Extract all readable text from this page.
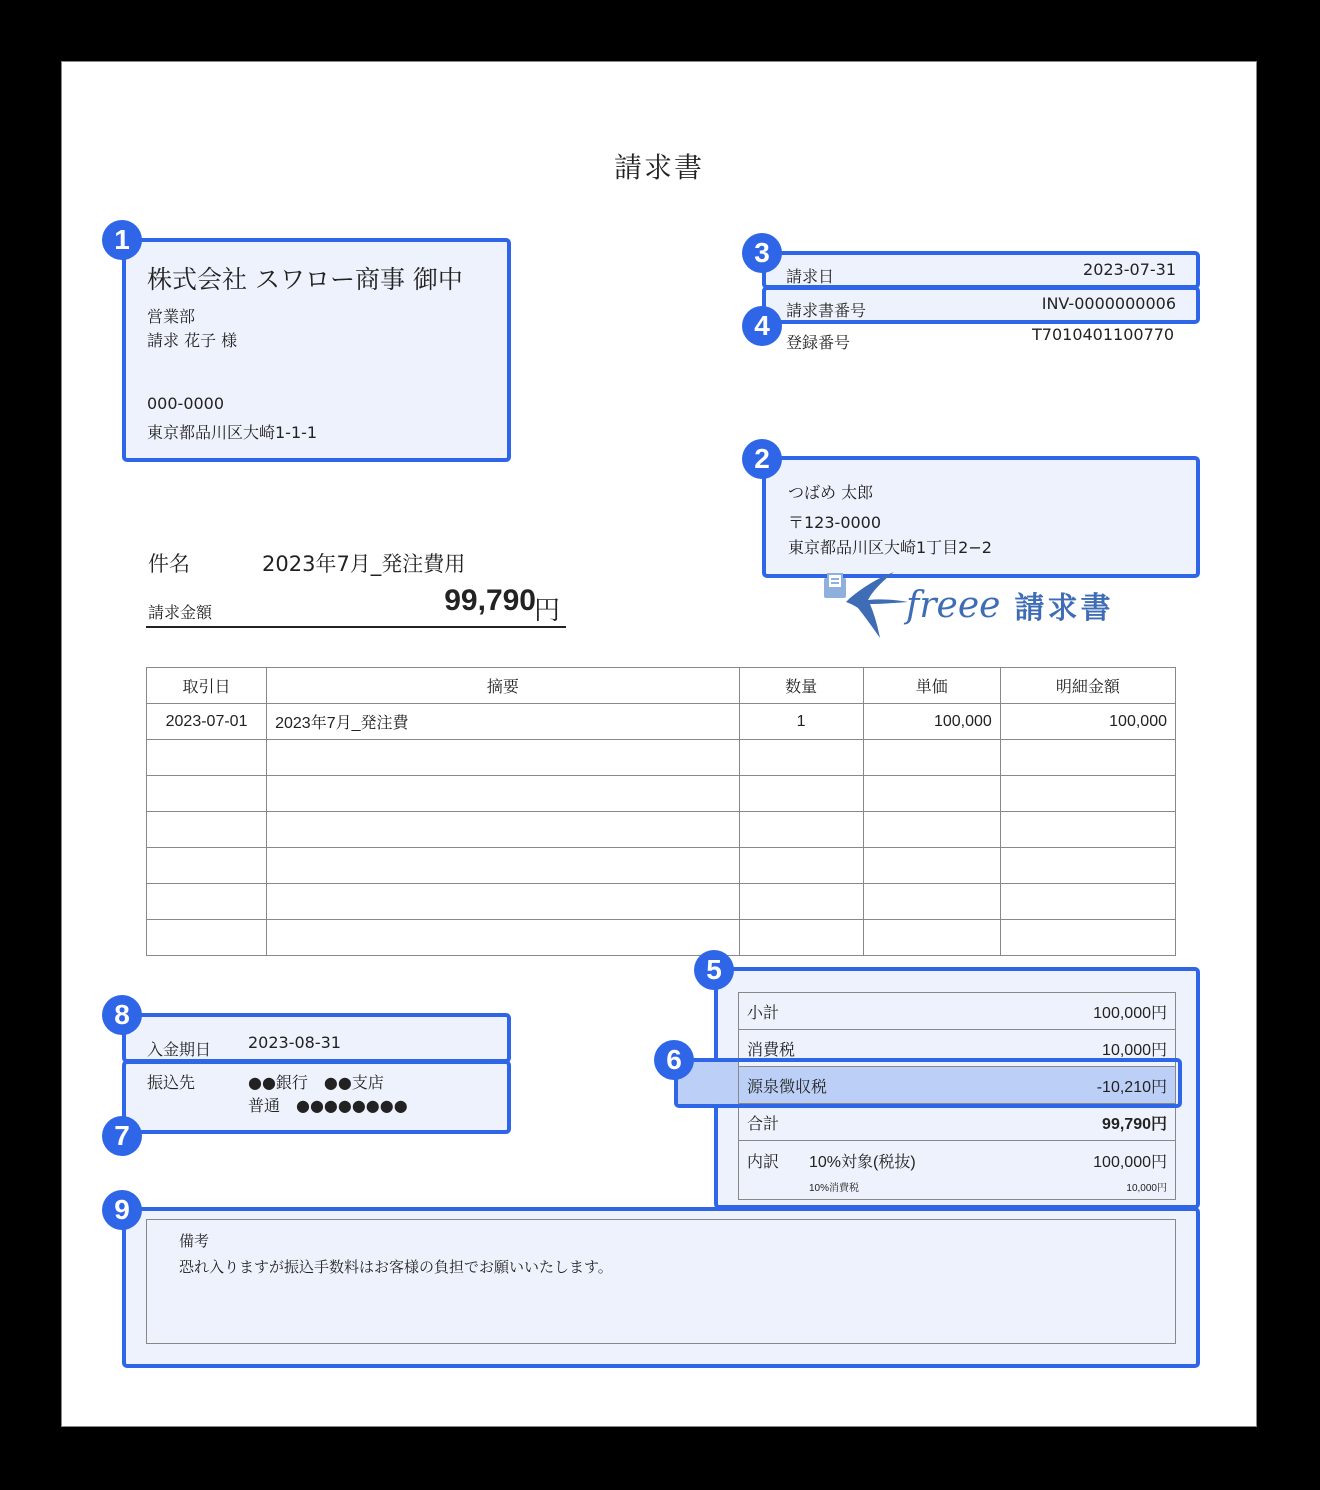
請求書
株式会社 スワロー商事 御中
営業部
請求 花子 様
000-0000
東京都品川区大崎1-1-1
1
請求日	2023-07-31
3
請求書番号	INV-0000000006
4
登録番号	T7010401100770
つばめ 太郎
〒123-0000
東京都品川区大崎1丁目2−2
2
freee 請求書
件名	2023年7月_発注費用
請求金額	99,790
円
取引日	摘要	数量	単価	明細金額
2023-07-01	2023年7月_発注費	1	100,000	100,000

入金期日 2023-08-31
8
振込先	●●銀行　●●支店
普通　●●●●●●●●
7
5
小計	100,000円
消費税	10,000円
源泉徴収税	-10,210円
合計	99,790円
内訳 10%対象(税抜)	100,000円
10%消費税	10,000円
6
備考
恐れ入りますが振込手数料はお客様の負担でお願いいたします。
9
